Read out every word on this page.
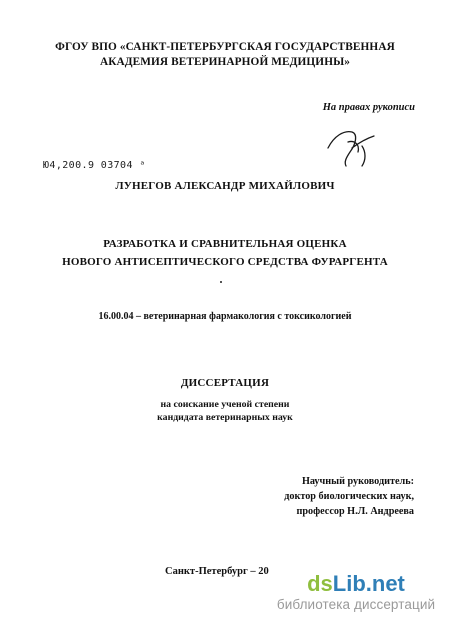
ФГОУ ВПО «САНКТ-ПЕТЕРБУРГСКАЯ ГОСУДАРСТВЕННАЯ
АКАДЕМИЯ ВЕТЕРИНАРНОЙ МЕДИЦИНЫ»
На правах рукописи
Ю4,200.9 03704 ᵃ
ЛУНЕГОВ АЛЕКСАНДР МИХАЙЛОВИЧ
РАЗРАБОТКА И СРАВНИТЕЛЬНАЯ ОЦЕНКА
НОВОГО АНТИСЕПТИЧЕСКОГО СРЕДСТВА ФУРАРГЕНТА
16.00.04 – ветеринарная фармакология с токсикологией
ДИССЕРТАЦИЯ
на соискание ученой степени
кандидата ветеринарных наук
Научный руководитель:
доктор биологических наук,
профессор Н.Л. Андреева
Санкт-Петербург – 20	dsLib.net
библиотека диссертаций
